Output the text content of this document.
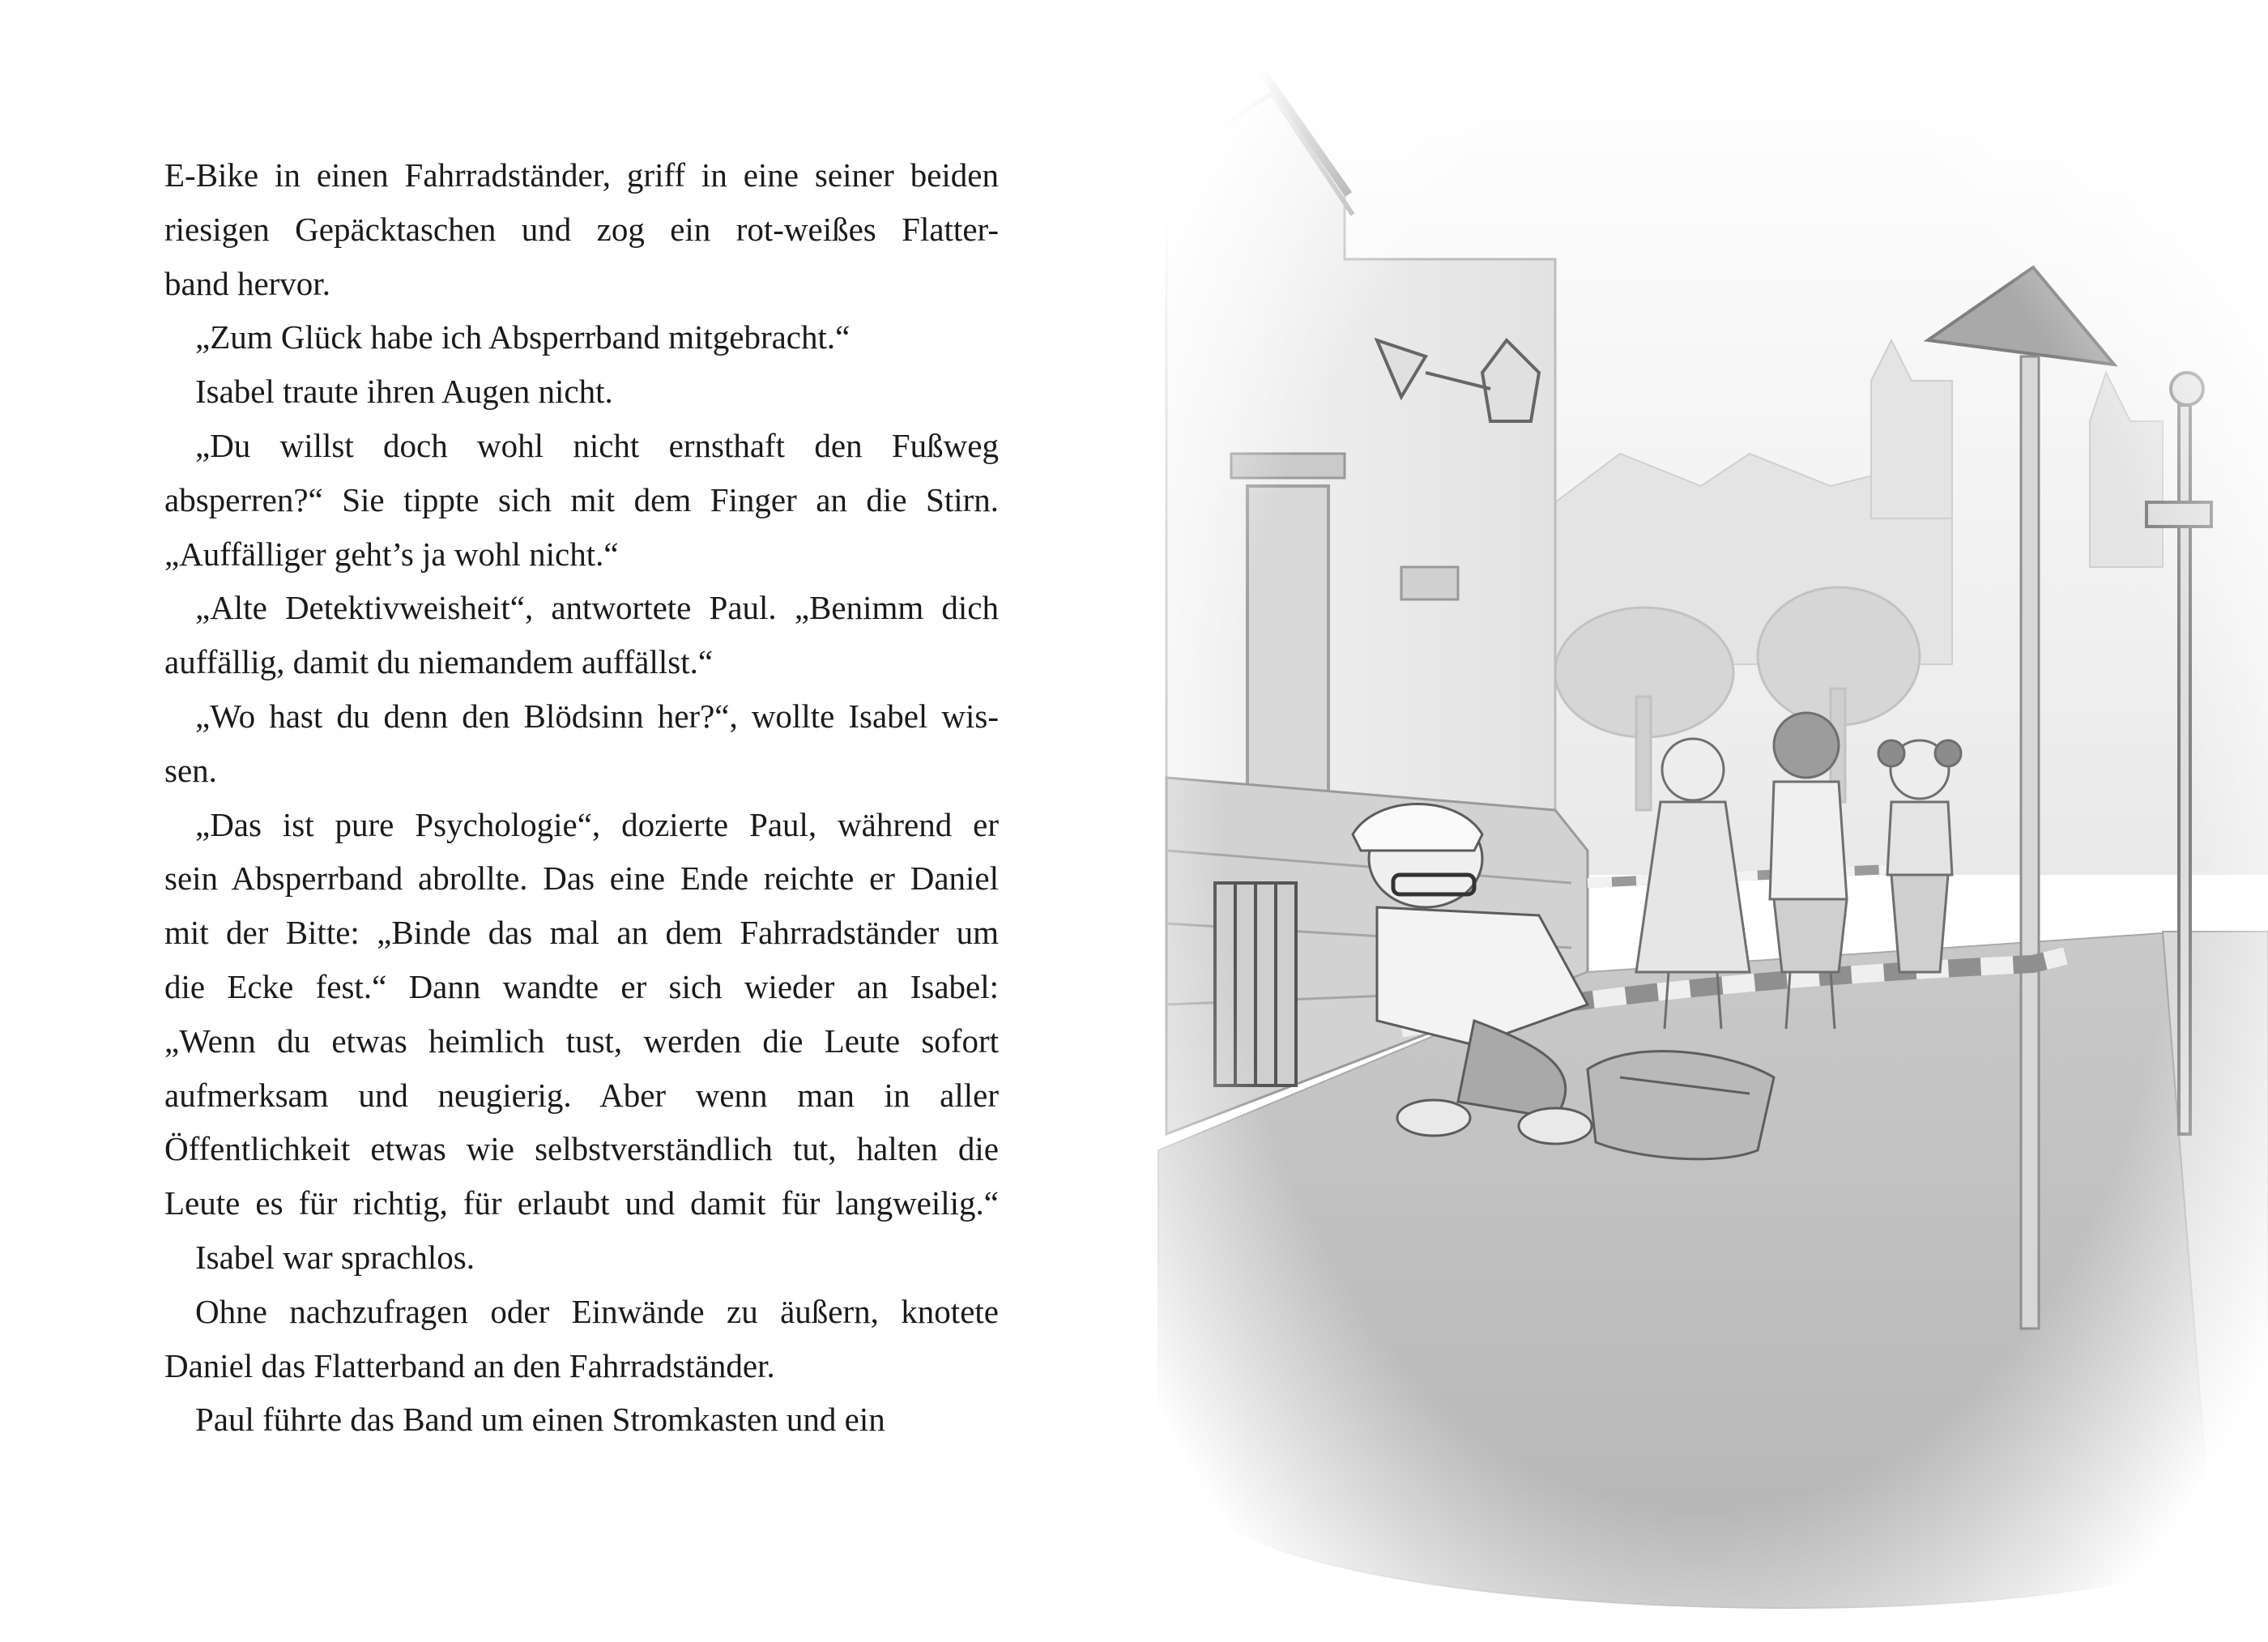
E-Bike in einen Fahrradständer, griff in eine seiner beiden
riesigen Gepäcktaschen und zog ein rot-weißes Flatter-
band hervor.
„Zum Glück habe ich Absperrband mitgebracht.“
Isabel traute ihren Augen nicht.
„Du willst doch wohl nicht ernsthaft den Fußweg
absperren?“ Sie tippte sich mit dem Finger an die Stirn.
„Auffälliger geht’s ja wohl nicht.“
„Alte Detektivweisheit“, antwortete Paul. „Benimm dich
auffällig, damit du niemandem auffällst.“
„Wo hast du denn den Blödsinn her?“, wollte Isabel wis-
sen.
„Das ist pure Psychologie“, dozierte Paul, während er
sein Absperrband abrollte. Das eine Ende reichte er Daniel
mit der Bitte: „Binde das mal an dem Fahrradständer um
die Ecke fest.“ Dann wandte er sich wieder an Isabel:
„Wenn du etwas heimlich tust, werden die Leute sofort
aufmerksam und neugierig. Aber wenn man in aller
Öffentlichkeit etwas wie selbstverständlich tut, halten die
Leute es für richtig, für erlaubt und damit für langweilig.“
Isabel war sprachlos.
Ohne nachzufragen oder Einwände zu äußern, knotete
Daniel das Flatterband an den Fahrradständer.
Paul führte das Band um einen Stromkasten und ein
